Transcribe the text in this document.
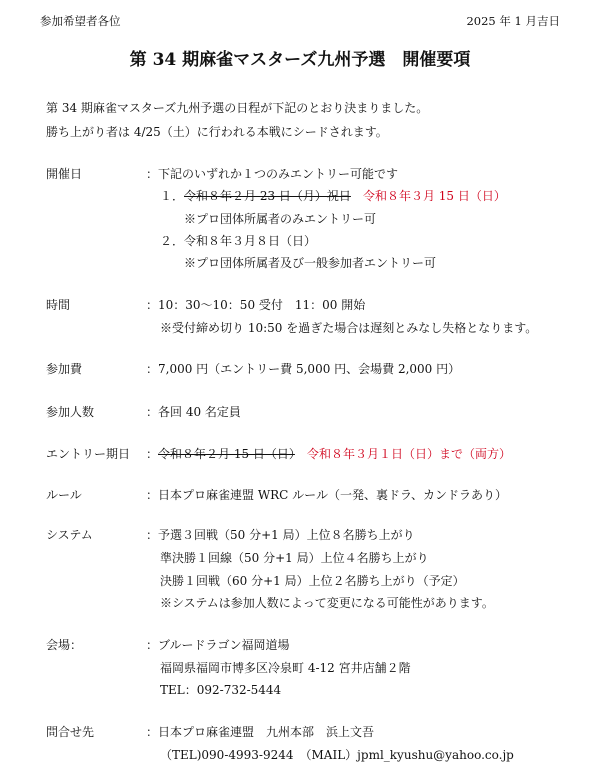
参加希望者各位	2025 年 1 月吉日
第 34 期麻雀マスターズ九州予選　開催要項
第 34 期麻雀マスターズ九州予選の日程が下記のとおり決まりました。
勝ち上がり者は 4/25（土）に行われる本戦にシードされます。
開催日	：下記のいずれか１つのみエントリー可能です
１．令和８年２月 23 日（月）祝日　 令和８年３月 15 日（日）
※プロ団体所属者のみエントリー可
２．令和８年３月８日（日）
※プロ団体所属者及び一般参加者エントリー可
時間	：10：30〜10：50 受付　11：00 開始
※受付締め切り 10:50 を過ぎた場合は遅刻とみなし失格となります。
参加費	：7,000 円（エントリー費 5,000 円、会場費 2,000 円）
参加人数	：各回 40 名定員
エントリー期日 ：令和８年２月 15 日（日）　 令和８年３月１日（日）まで（両方）
ルール	：日本プロ麻雀連盟 WRC ルール（一発、裏ドラ、カンドラあり）
システム	：予選３回戦（50 分+1 局）上位８名勝ち上がり
準決勝１回線（50 分+1 局）上位４名勝ち上がり
決勝１回戦（60 分+1 局）上位２名勝ち上がり（予定）
※システムは参加人数によって変更になる可能性があります。
会場：	：ブルードラゴン福岡道場
福岡県福岡市博多区冷泉町 4-12 宮井店舗２階
TEL：092-732-5444
問合せ先	：日本プロ麻雀連盟　九州本部　浜上文吾
（TEL)090-4993-9244　（MAIL）jpml_kyushu@yahoo.co.jp
